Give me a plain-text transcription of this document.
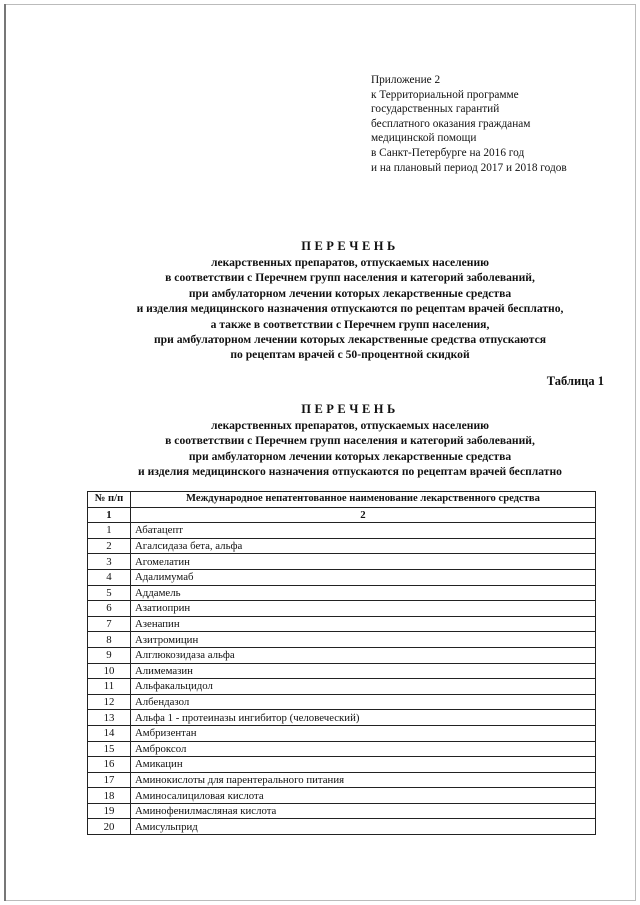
Приложение 2
к Территориальной программе
государственных гарантий
бесплатного оказания гражданам
медицинской помощи
в Санкт-Петербурге на 2016 год
и на плановый период 2017 и 2018 годов
ПЕРЕЧЕНЬ
лекарственных препаратов, отпускаемых населению
в соответствии с Перечнем групп населения и категорий заболеваний,
при амбулаторном лечении которых лекарственные средства
и изделия медицинского назначения отпускаются по рецептам врачей бесплатно,
а также в соответствии с Перечнем групп населения,
при амбулаторном лечении которых лекарственные средства отпускаются
по рецептам врачей с 50-процентной скидкой
Таблица 1
ПЕРЕЧЕНЬ
лекарственных препаратов, отпускаемых населению
в соответствии с Перечнем групп населения и категорий заболеваний,
при амбулаторном лечении которых лекарственные средства
и изделия медицинского назначения отпускаются по рецептам врачей бесплатно
№ п/п	Международное непатентованное наименование лекарственного средства
1	2
1	Абатацепт
2	Агалсидаза бета, альфа
3	Агомелатин
4	Адалимумаб
5	Аддамель
6	Азатиоприн
7	Азенапин
8	Азитромицин
9	Алглюкозидаза альфа
10	Алимемазин
11	Альфакальцидол
12	Албендазол
13	Альфа 1 - протеиназы ингибитор (человеческий)
14	Амбризентан
15	Амброксол
16	Амикацин
17	Аминокислоты для парентерального питания
18	Аминосалициловая кислота
19	Аминофенилмасляная кислота
20	Амисульприд
